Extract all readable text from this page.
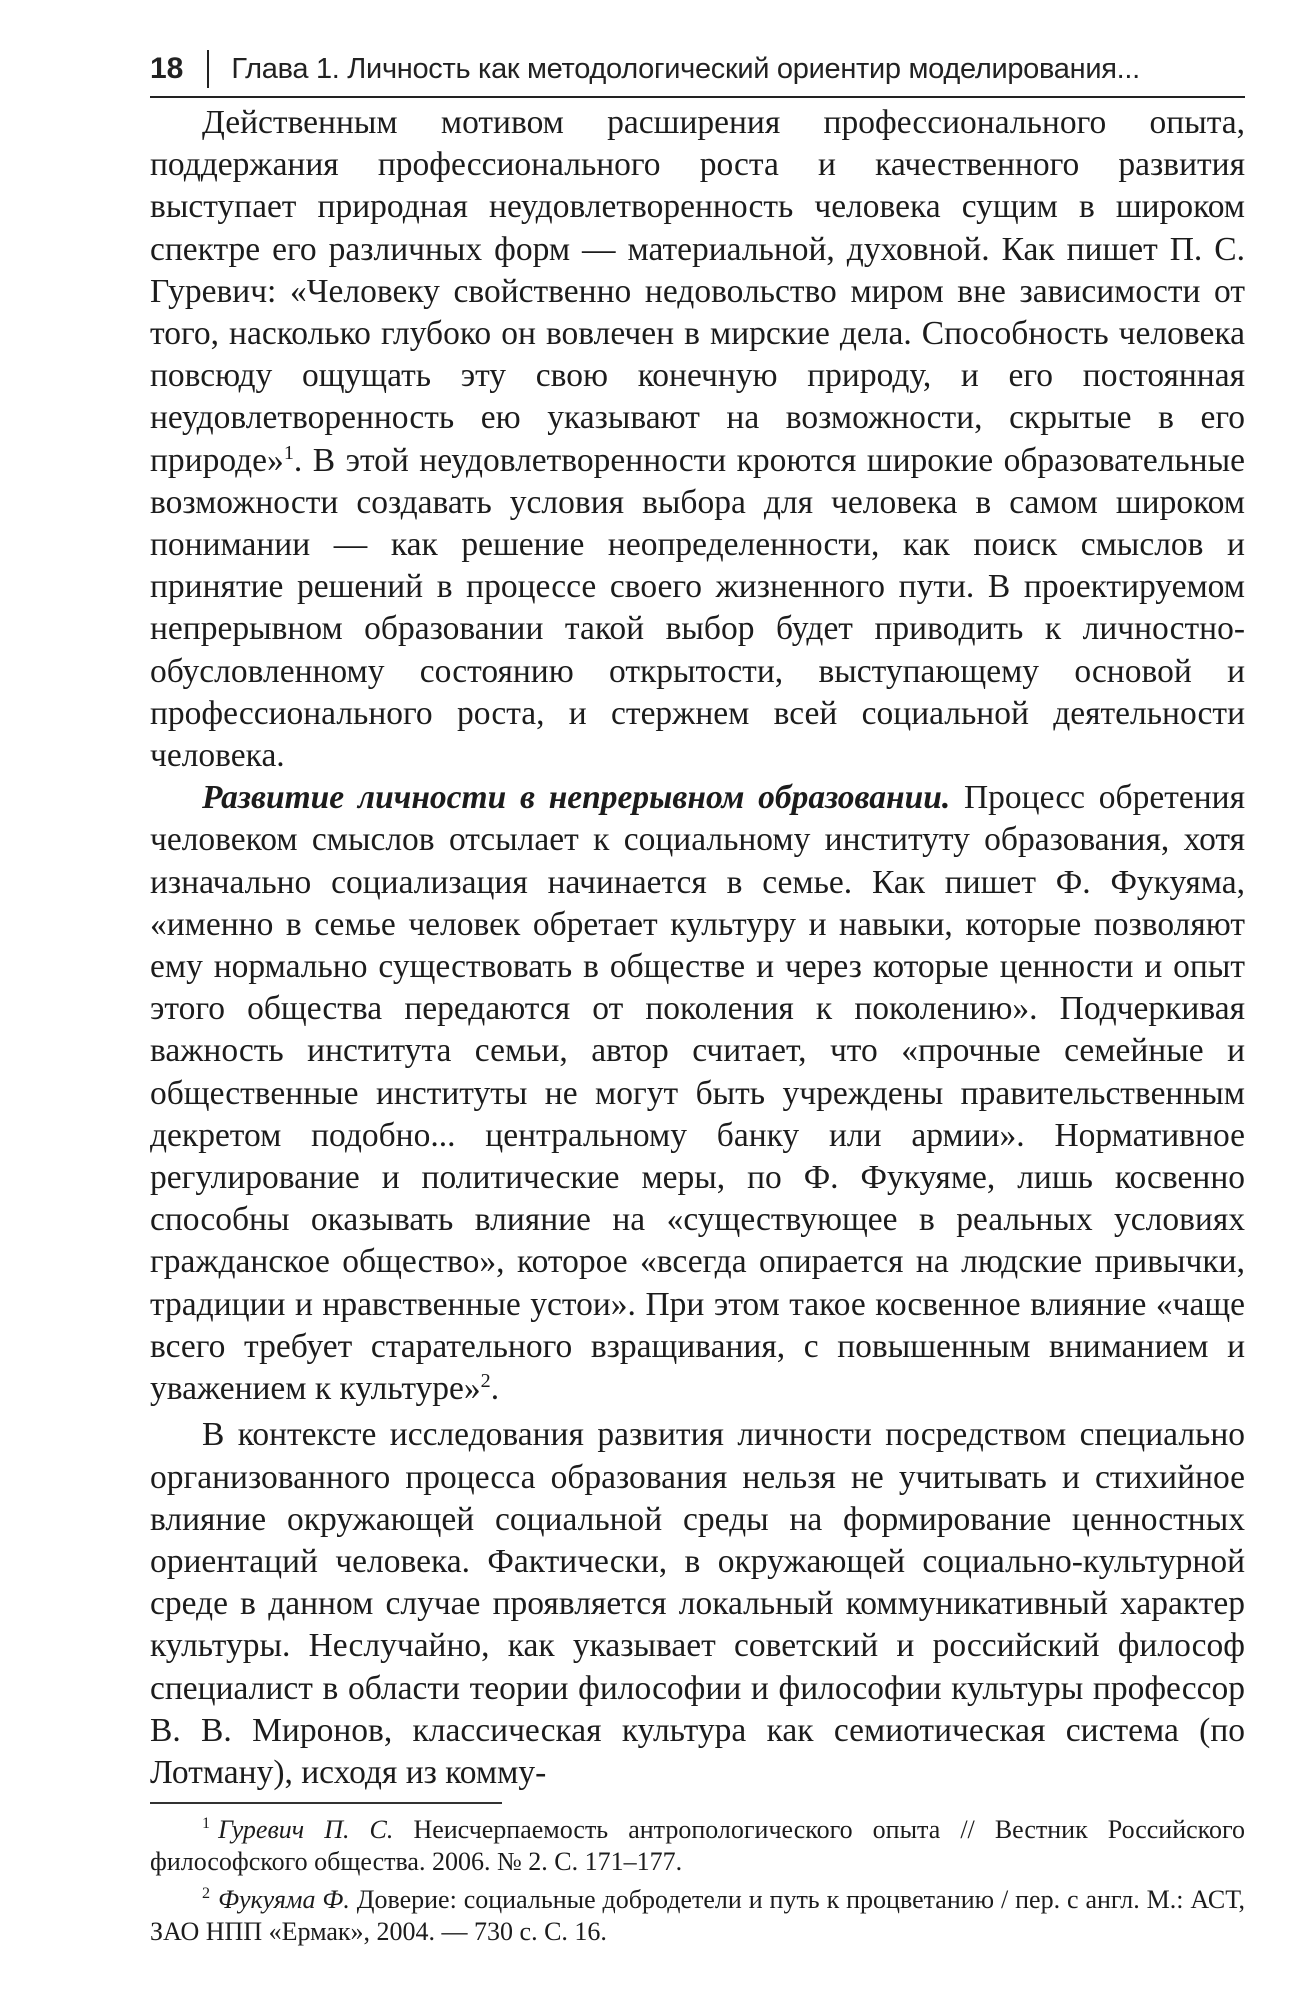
18 Глава 1. Личность как методологический ориентир моделирования...

Действенным мотивом расширения профессионального опыта, поддержания профессионального роста и качественного развития выступает природная неудовлетворенность человека сущим в широком спектре его различных форм — материальной, духовной. Как пишет П. С. Гуревич: «Человеку свойственно недовольство миром вне зависимости от того, насколько глубоко он вовлечен в мирские дела. Способность человека повсюду ощущать эту свою конечную природу, и его постоянная неудовлетворенность ею указывают на возможности, скрытые в его природе»$^1$. В этой неудовлетворенности кроются широкие образовательные возможности создавать условия выбора для человека в самом широком понимании — как решение неопределенности, как поиск смыслов и принятие решений в процессе своего жизненного пути. В проектируемом непрерывном образовании такой выбор будет приводить к личностно-обусловленному состоянию открытости, выступающему основой и профессионального роста, и стержнем всей социальной деятельности человека.

Развитие личности в непрерывном образовании. Процесс обретения человеком смыслов отсылает к социальному институту образования, хотя изначально социализация начинается в семье. Как пишет Ф. Фукуяма, «именно в семье человек обретает культуру и навыки, которые позволяют ему нормально существовать в обществе и через которые ценности и опыт этого общества передаются от поколения к поколению». Подчеркивая важность института семьи, автор считает, что «прочные семейные и общественные институты не могут быть учреждены правительственным декретом подобно... центральному банку или армии». Нормативное регулирование и политические меры, по Ф. Фукуяме, лишь косвенно способны оказывать влияние на «существующее в реальных условиях гражданское общество», которое «всегда опирается на людские привычки, традиции и нравственные устои». При этом такое косвенное влияние «чаще всего требует старательного взращивания, с повышенным вниманием и уважением к культуре»$^2$.

В контексте исследования развития личности посредством специально организованного процесса образования нельзя не учитывать и стихийное влияние окружающей социальной среды на формирование ценностных ориентаций человека. Фактически, в окружающей социально-культурной среде в данном случае проявляется локальный коммуникативный характер культуры. Неслучайно, как указывает советский и российский философ специалист в области теории философии и философии культуры профессор В. В. Миронов, классическая культура как семиотическая система (по Лотману), исходя из комму-

$^1$ Гуревич П. С. Неисчерпаемость антропологического опыта // Вестник Российского философского общества. 2006. № 2. С. 171–177.

$^2$ Фукуяма Ф. Доверие: социальные добродетели и путь к процветанию / пер. с англ. М.: АСТ, ЗАО НПП «Ермак», 2004. — 730 с. С. 16.
